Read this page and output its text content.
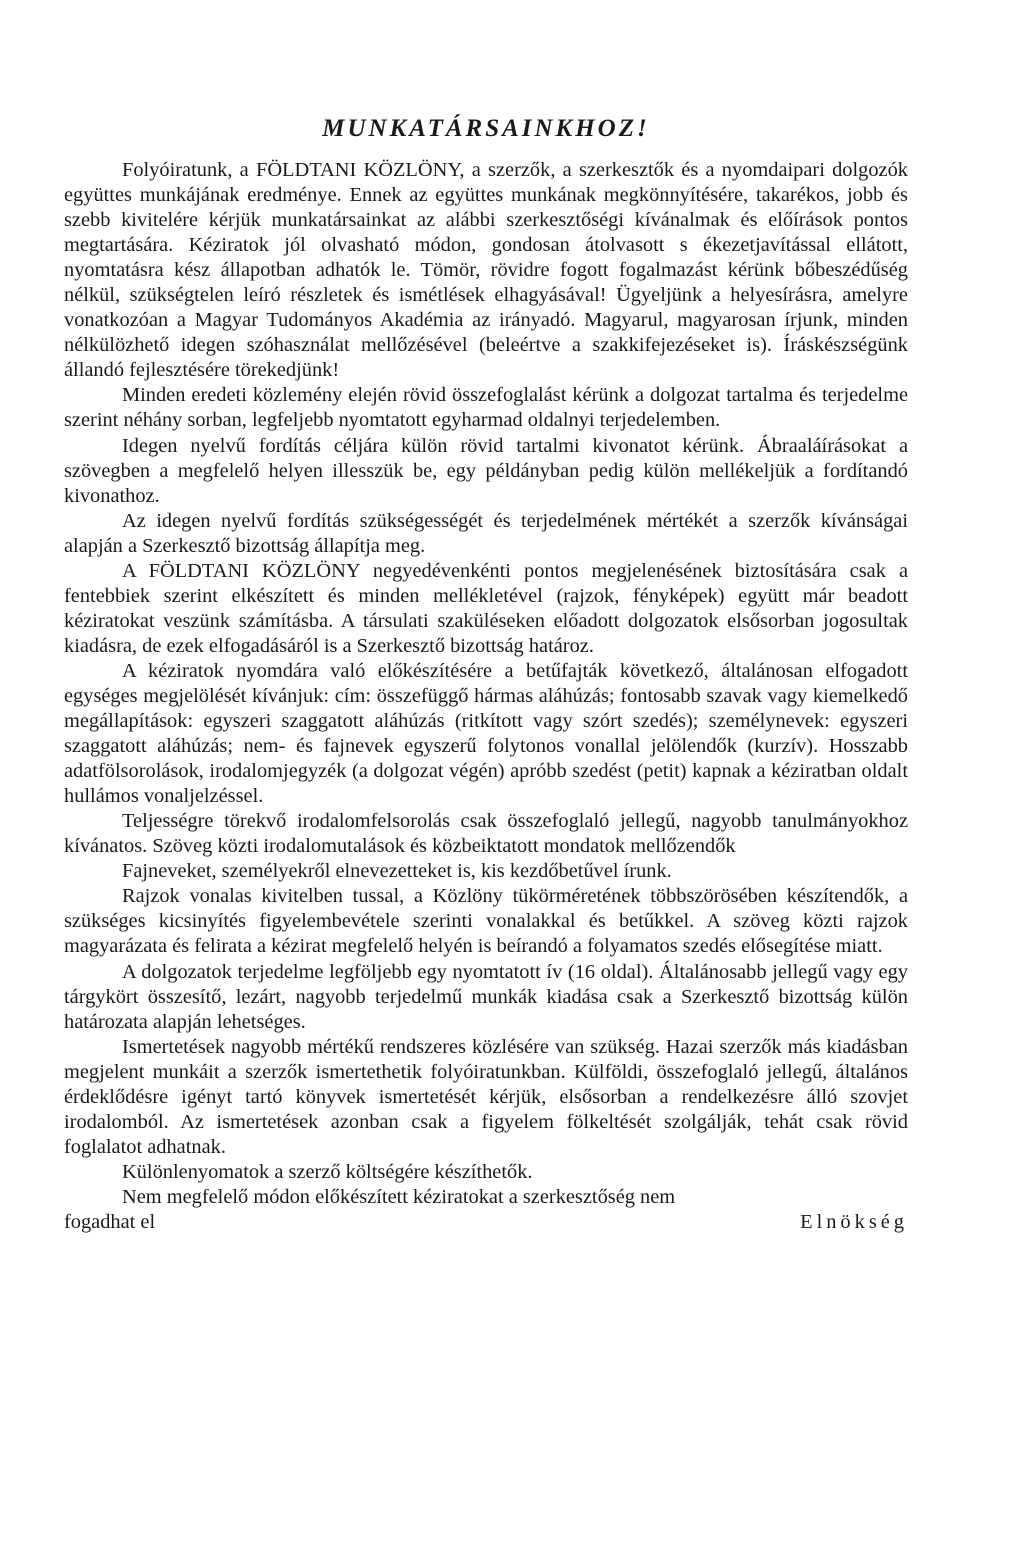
MUNKATÁRSAINKHOZ!

Folyóiratunk, a FÖLDTANI KÖZLÖNY, a szerzők, a szerkesztők és a nyomdaipari dolgozók együttes munkájának eredménye. Ennek az együttes munkának megkönnyítésére, takarékos, jobb és szebb kivitelére kérjük munkatársainkat az alábbi szerkesztőségi kívánalmak és előírások pontos megtartására. Kéziratok jól olvasható módon, gondosan átolvasott s ékezetjavítással ellátott, nyomtatásra kész állapotban adhatók le. Tömör, rövidre fogott fogalmazást kérünk bőbeszédűség nélkül, szükségtelen leíró részletek és ismétlések elhagyásával! Ügyeljünk a helyesírásra, amelyre vonatkozóan a Magyar Tudományos Akadémia az irányadó. Magyarul, magyarosan írjunk, minden nélkülözhető idegen szóhasználat mellőzésével (beleértve a szakkifejezéseket is). Íráskészségünk állandó fejlesztésére törekedjünk!

Minden eredeti közlemény elején rövid összefoglalást kérünk a dolgozat tartalma és terjedelme szerint néhány sorban, legfeljebb nyomtatott egyharmad oldalnyi terjedelemben.

Idegen nyelvű fordítás céljára külön rövid tartalmi kivonatot kérünk. Ábraaláírásokat a szövegben a megfelelő helyen illesszük be, egy példányban pedig külön mellékeljük a fordítandó kivonathoz.

Az idegen nyelvű fordítás szükségességét és terjedelmének mértékét a szerzők kívánságai alapján a Szerkesztő bizottság állapítja meg.

A FÖLDTANI KÖZLÖNY negyedévenkénti pontos megjelenésének biztosítására csak a fentebbiek szerint elkészített és minden mellékletével (rajzok, fényképek) együtt már beadott kéziratokat veszünk számításba. A társulati szaküléseken előadott dolgozatok elsősorban jogosultak kiadásra, de ezek elfogadásáról is a Szerkesztő bizottság határoz.

A kéziratok nyomdára való előkészítésére a betűfajták következő, általánosan elfogadott egységes megjelölését kívánjuk: cím: összefüggő hármas aláhúzás; fontosabb szavak vagy kiemelkedő megállapítások: egyszeri szaggatott aláhúzás (ritkított vagy szórt szedés); személynevek: egyszeri szaggatott aláhúzás; nem- és fajnevek egyszerű folytonos vonallal jelölendők (kurzív). Hosszabb adatfölsorolások, irodalomjegyzék (a dolgozat végén) apróbb szedést (petit) kapnak a kéziratban oldalt hullámos vonaljelzéssel.

Teljességre törekvő irodalomfelsorolás csak összefoglaló jellegű, nagyobb tanulmányokhoz kívánatos. Szöveg közti irodalomutalások és közbeiktatott mondatok mellőzendők

Fajneveket, személyekről elnevezetteket is, kis kezdőbetűvel írunk.

Rajzok vonalas kivitelben tussal, a Közlöny tükörméretének többszörösében készítendők, a szükséges kicsinyítés figyelembevétele szerinti vonalakkal és betűkkel. A szöveg közti rajzok magyarázata és felirata a kézirat megfelelő helyén is beírandó a folyamatos szedés elősegítése miatt.

A dolgozatok terjedelme legföljebb egy nyomtatott ív (16 oldal). Általánosabb jellegű vagy egy tárgykört összesítő, lezárt, nagyobb terjedelmű munkák kiadása csak a Szerkesztő bizottság külön határozata alapján lehetséges.

Ismertetések nagyobb mértékű rendszeres közlésére van szükség. Hazai szerzők más kiadásban megjelent munkáit a szerzők ismertethetik folyóiratunkban. Külföldi, összefoglaló jellegű, általános érdeklődésre igényt tartó könyvek ismertetését kérjük, elsősorban a rendelkezésre álló szovjet irodalomból. Az ismertetések azonban csak a figyelem fölkeltését szolgálják, tehát csak rövid foglalatot adhatnak.

Különlenyomatok a szerző költségére készíthetők.

Nem megfelelő módon előkészített kéziratokat a szerkesztőség nem

fogadhat el	Elnökség
